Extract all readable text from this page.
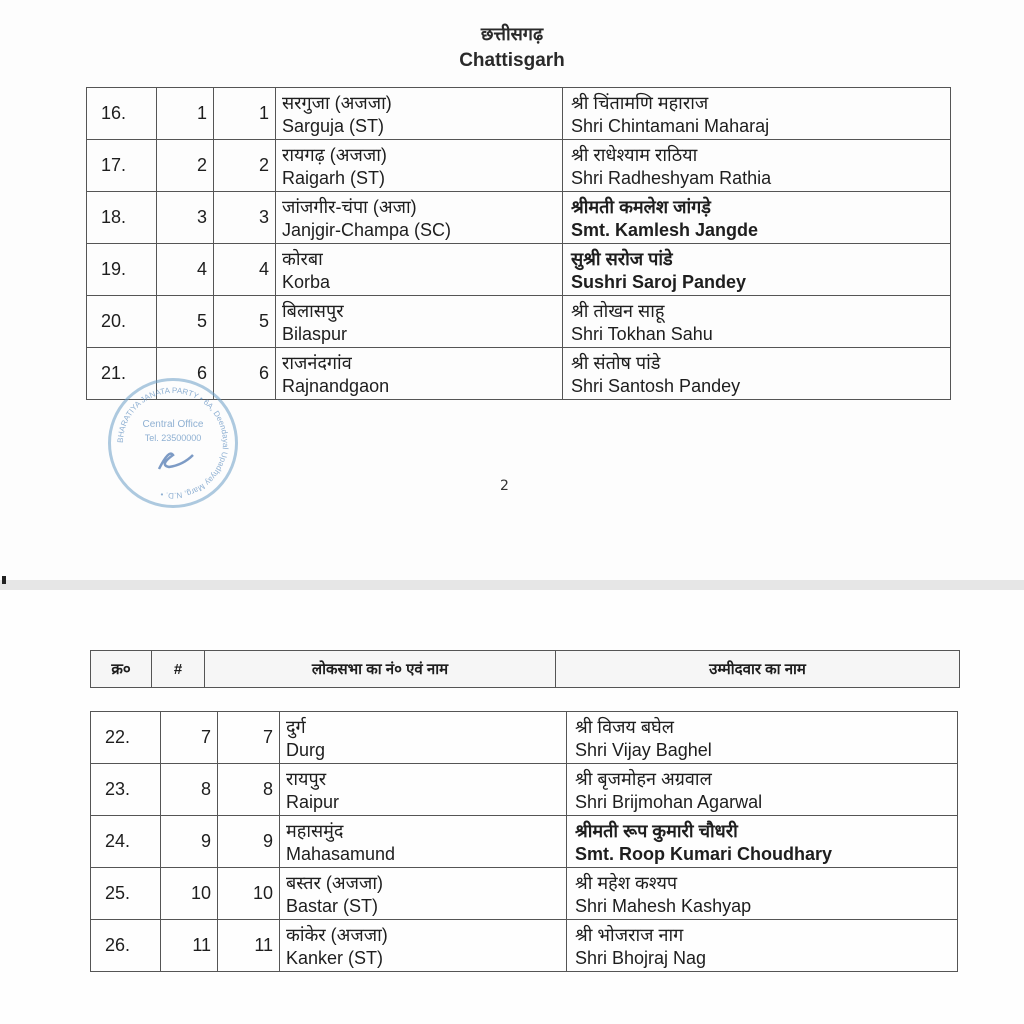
छत्तीसगढ़
Chattisgarh
16.	1	1	सरगुजा (अजजा)
Sarguja (ST)	श्री चिंतामणि महाराज
Shri Chintamani Maharaj

17.	2	2	रायगढ़ (अजजा)
Raigarh (ST)	श्री राधेश्याम राठिया
Shri Radheshyam Rathia

18.	3	3	जांजगीर-चंपा (अजा)
Janjgir-Champa (SC)	श्रीमती कमलेश जांगड़े
Smt. Kamlesh Jangde

19.	4	4	कोरबा
Korba	सुश्री सरोज पांडे
Sushri Saroj Pandey

20.	5	5	बिलासपुर
Bilaspur	श्री तोखन साहू
Shri Tokhan Sahu

21.	6	6	राजनंदगांव
Rajnandgaon	श्री संतोष पांडे
Shri Santosh Pandey
BHARATIYA JANATA PARTY • 6A, Deendayal Upadhyay Marg, N.D. •
Central Office
Tel. 23500000
2
क्र०	#	लोकसभा का नं० एवं नाम	उम्मीदवार का नाम
22.	7	7	दुर्ग
Durg	श्री विजय बघेल
Shri Vijay Baghel

23.	8	8	रायपुर
Raipur	श्री बृजमोहन अग्रवाल
Shri Brijmohan Agarwal

24.	9	9	महासमुंद
Mahasamund	श्रीमती रूप कुमारी चौधरी
Smt. Roop Kumari Choudhary

25.	10	10	बस्तर (अजजा)
Bastar (ST)	श्री महेश कश्यप
Shri Mahesh Kashyap

26.	11	11	कांकेर (अजजा)
Kanker (ST)	श्री भोजराज नाग
Shri Bhojraj Nag
